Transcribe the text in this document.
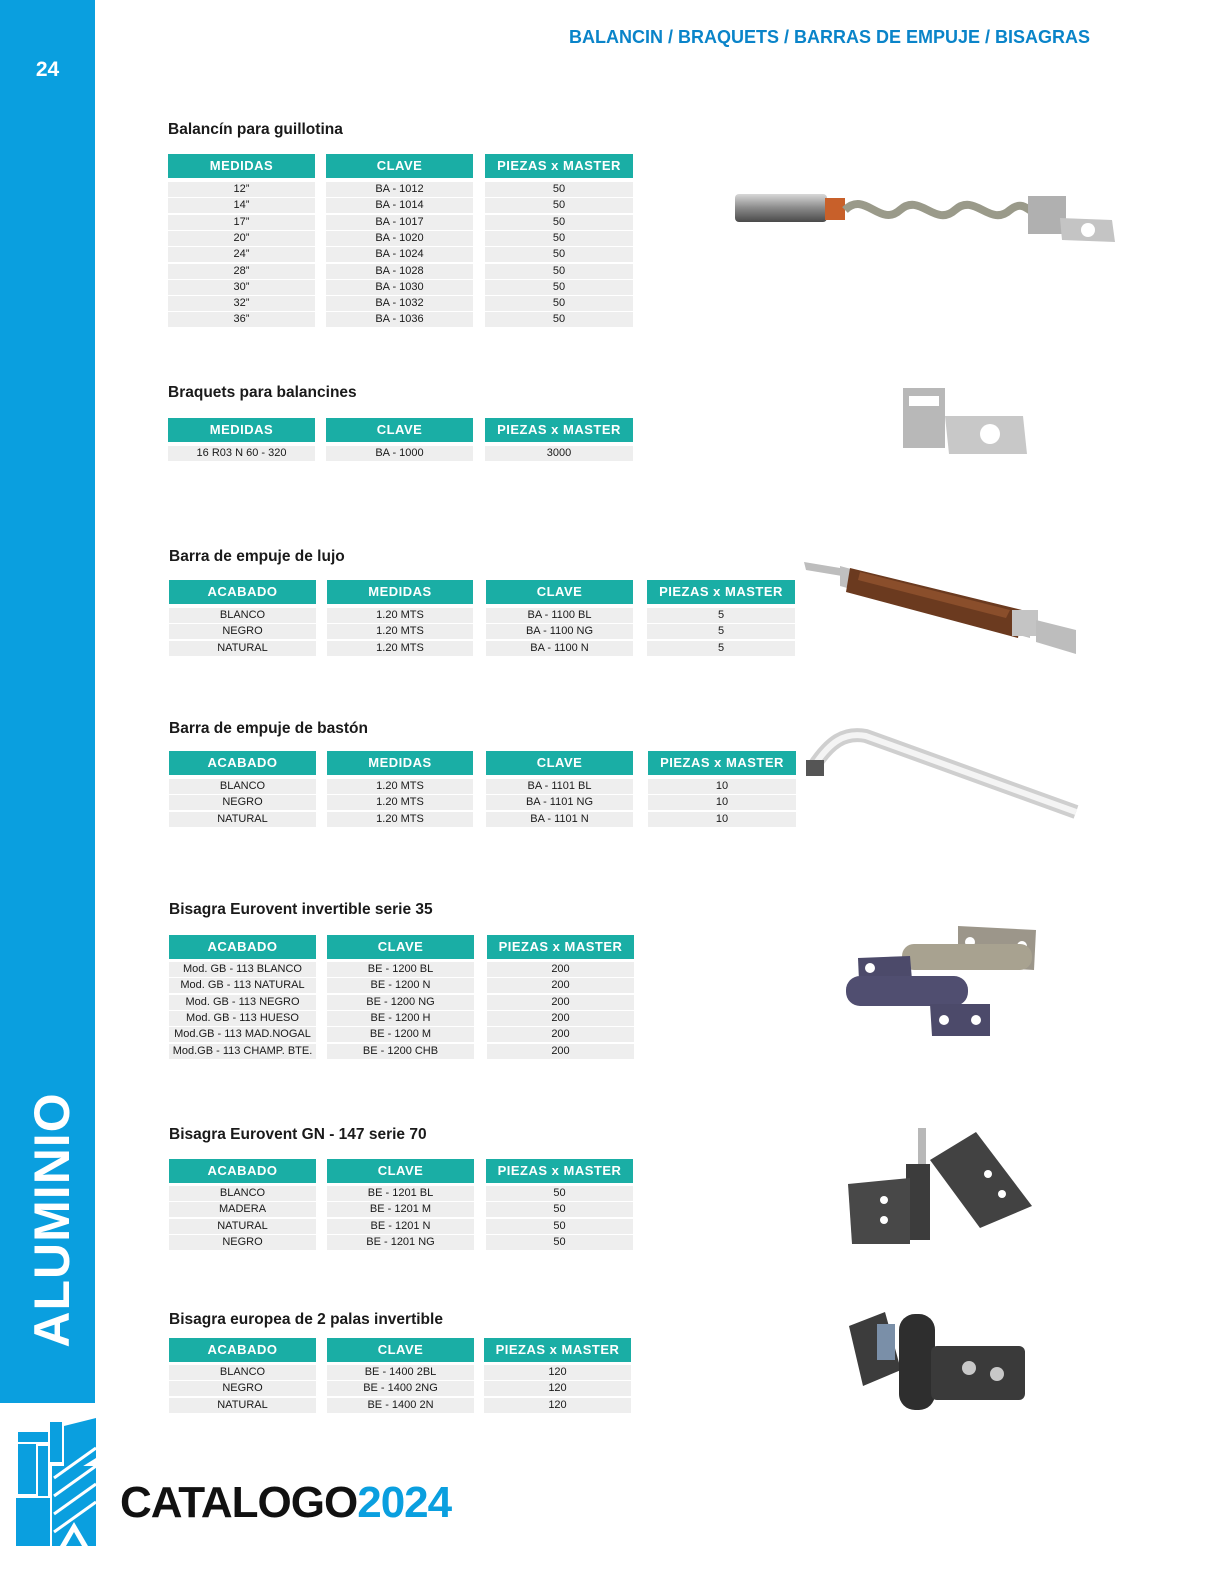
24
ALUMINIO
BALANCIN / BRAQUETS / BARRAS DE EMPUJE / BISAGRAS
CATALOGO2024
Balancín para guillotina
MEDIDAS	CLAVE	PIEZAS x MASTER
12”	BA - 1012	50
14”	BA - 1014	50
17”	BA - 1017	50
20”	BA - 1020	50
24”	BA - 1024	50
28”	BA - 1028	50
30”	BA - 1030	50
32”	BA - 1032	50
36”	BA - 1036	50
Braquets para balancines
MEDIDAS	CLAVE	PIEZAS x MASTER
16 R03 N 60 - 320	BA - 1000	3000
Barra de empuje de lujo
ACABADO	MEDIDAS	CLAVE	PIEZAS x MASTER
BLANCO	1.20 MTS	BA - 1100 BL	5
NEGRO	1.20 MTS	BA - 1100 NG	5
NATURAL	1.20 MTS	BA - 1100 N	5
Barra de empuje de bastón
ACABADO	MEDIDAS	CLAVE	PIEZAS x MASTER
BLANCO	1.20 MTS	BA - 1101 BL	10
NEGRO	1.20 MTS	BA - 1101 NG	10
NATURAL	1.20 MTS	BA - 1101 N	10
Bisagra Eurovent invertible serie 35
ACABADO	CLAVE	PIEZAS x MASTER
Mod. GB - 113 BLANCO	BE - 1200 BL	200
Mod. GB - 113 NATURAL	BE - 1200 N	200
Mod. GB - 113 NEGRO	BE - 1200 NG	200
Mod. GB - 113 HUESO	BE - 1200 H	200
Mod.GB - 113 MAD.NOGAL	BE - 1200 M	200
Mod.GB - 113 CHAMP. BTE.	BE - 1200 CHB	200
Bisagra Eurovent GN - 147 serie 70
ACABADO	CLAVE	PIEZAS x MASTER
BLANCO	BE - 1201 BL	50
MADERA	BE - 1201 M	50
NATURAL	BE - 1201 N	50
NEGRO	BE - 1201 NG	50
Bisagra europea de 2 palas invertible
ACABADO	CLAVE	PIEZAS x MASTER
BLANCO	BE - 1400 2BL	120
NEGRO	BE - 1400 2NG	120
NATURAL	BE - 1400 2N	120
